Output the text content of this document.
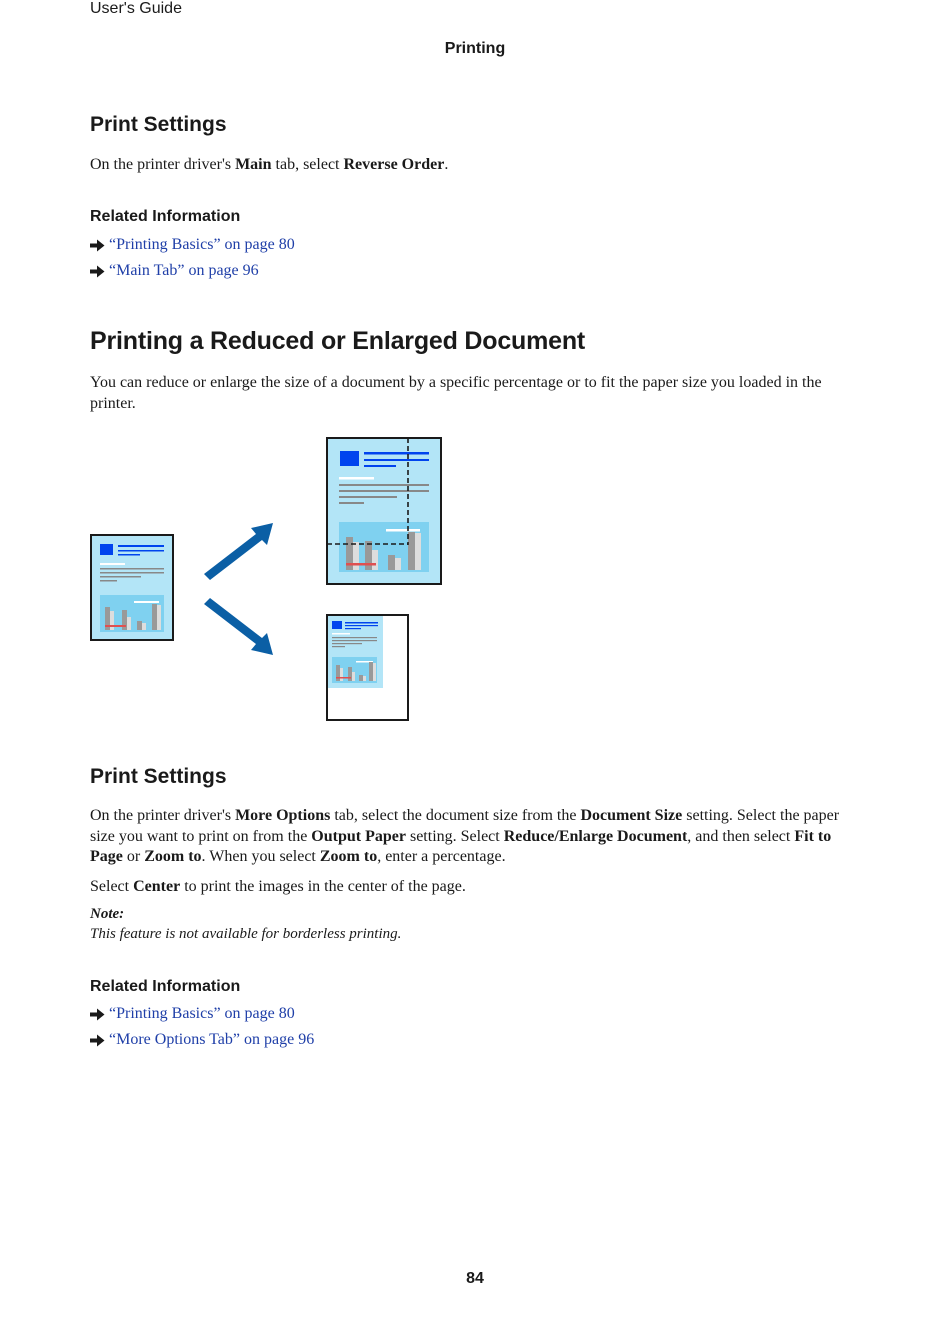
User's Guide
Printing
Print Settings

On the printer driver's Main tab, select Reverse Order.

Related Information
“Printing Basics” on page 80
“Main Tab” on page 96
Printing a Reduced or Enlarged Document

You can reduce or enlarge the size of a document by a specific percentage or to fit the paper size you loaded in the printer.

Print Settings

On the printer driver's More Options tab, select the document size from the Document Size setting. Select the paper size you want to print on from the Output Paper setting. Select Reduce/Enlarge Document, and then select Fit to Page or Zoom to. When you select Zoom to, enter a percentage.

Select Center to print the images in the center of the page.

Note:
This feature is not available for borderless printing.
Related Information
“Printing Basics” on page 80
“More Options Tab” on page 96
84
